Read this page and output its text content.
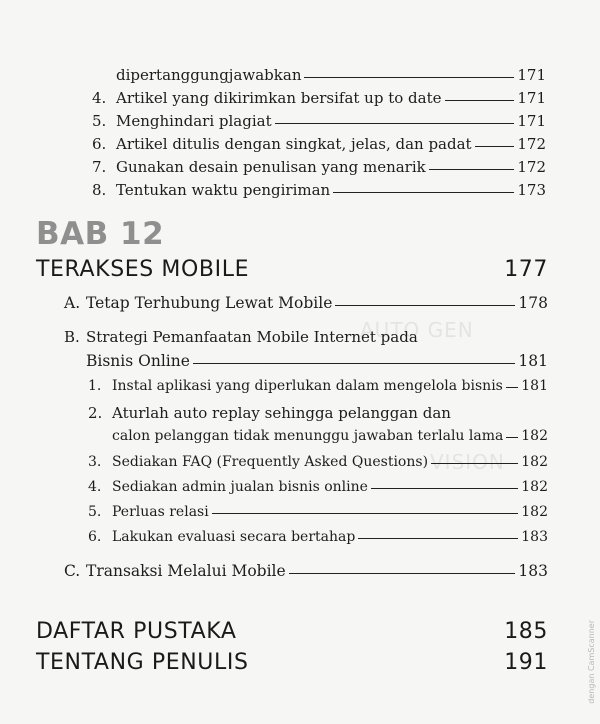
AUTO GEN
VISION
dipertanggungjawabkan	171
4. Artikel yang dikirimkan bersifat up to date	171
5. Menghindari plagiat	171
6. Artikel ditulis dengan singkat, jelas, dan padat	172
7. Gunakan desain penulisan yang menarik	172
8. Tentukan waktu pengiriman	173
BAB 12
TERAKSES MOBILE	177
A. Tetap Terhubung Lewat Mobile	178
B. Strategi Pemanfaatan Mobile Internet pada
Bisnis Online	181
1. Instal aplikasi yang diperlukan dalam mengelola bisnis 181
2. Aturlah auto replay sehingga pelanggan dan
calon pelanggan tidak menunggu jawaban terlalu lama 182
3. Sediakan FAQ (Frequently Asked Questions)	182
4. Sediakan admin jualan bisnis online	182
5. Perluas relasi	182
6. Lakukan evaluasi secara bertahap	183
C. Transaksi Melalui Mobile	183
DAFTAR PUSTAKA	185
TENTANG PENULIS	191	dengan CamScanner
